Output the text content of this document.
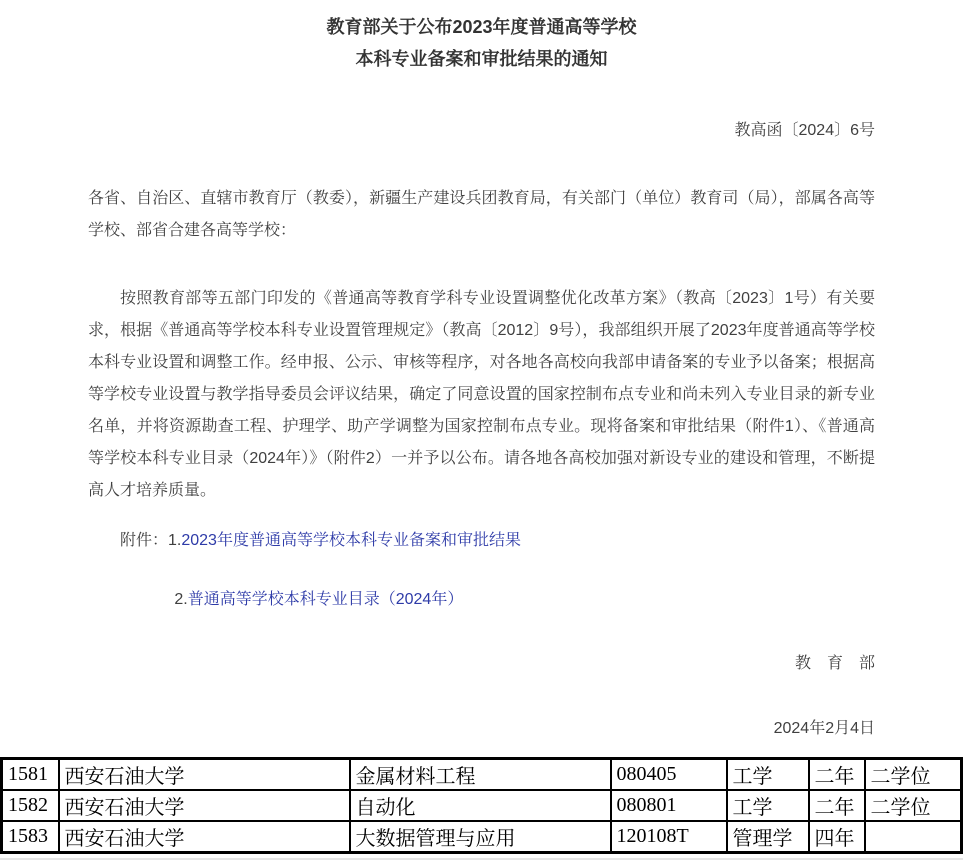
教育部关于公布2023年度普通高等学校
本科专业备案和审批结果的通知
教高函〔2024〕6号
各省、自治区、直辖市教育厅（教委），新疆生产建设兵团教育局，有关部门（单位）教育司（局），部属各高等学校、部省合建各高等学校：
按照教育部等五部门印发的《普通高等教育学科专业设置调整优化改革方案》（教高〔2023〕1号）有关要求，根据《普通高等学校本科专业设置管理规定》（教高〔2012〕9号），我部组织开展了2023年度普通高等学校本科专业设置和调整工作。经申报、公示、审核等程序，对各地各高校向我部申请备案的专业予以备案；根据高等学校专业设置与教学指导委员会评议结果，确定了同意设置的国家控制布点专业和尚未列入专业目录的新专业名单，并将资源勘查工程、护理学、助产学调整为国家控制布点专业。现将备案和审批结果（附件1）、《普通高等学校本科专业目录（2024年）》（附件2）一并予以公布。请各地各高校加强对新设专业的建设和管理，不断提高人才培养质量。
附件：1.2023年度普通高等学校本科专业备案和审批结果
2.普通高等学校本科专业目录（2024年）
教　育　部
2024年2月4日
1581	西安石油大学	金属材料工程	080405	工学	二年	二学位
1582	西安石油大学	自动化	080801	工学	二年	二学位
1583	西安石油大学	大数据管理与应用	120108T	管理学	四年	
